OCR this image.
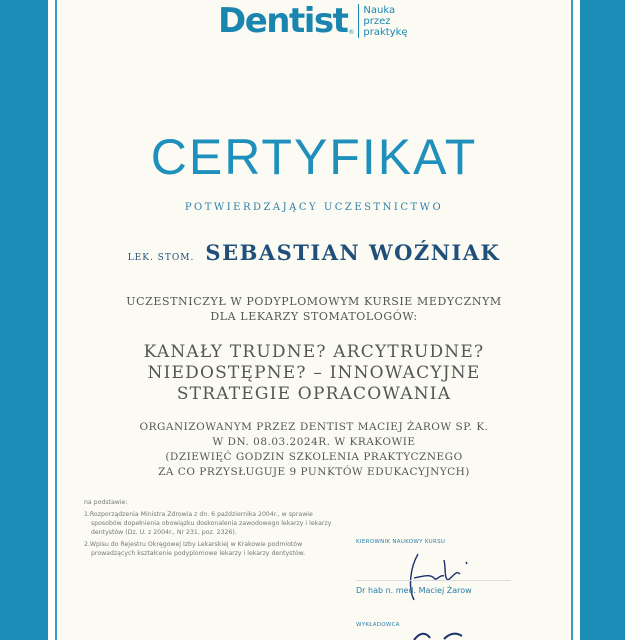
Dentist ®
Nauka
przez
praktykę
CERTYFIKAT
POTWIERDZAJĄCY UCZESTNICTWO
LEK. STOM. SEBASTIAN WOŹNIAK
UCZESTNICZYŁ W PODYPLOMOWYM KURSIE MEDYCZNYM
DLA LEKARZY STOMATOLOGÓW:
KANAŁY TRUDNE? ARCYTRUDNE?
NIEDOSTĘPNE? – INNOWACYJNE
STRATEGIE OPRACOWANIA
ORGANIZOWANYM PRZEZ DENTIST MACIEJ ŻAROW SP. K.
W DN. 08.03.2024R. W KRAKOWIE
(DZIEWIĘĆ GODZIN SZKOLENIA PRAKTYCZNEGO
ZA CO PRZYSŁUGUJE 9 PUNKTÓW EDUKACYJNYCH)

na podstawie:

1.Rozporządzenia Ministra Zdrowia z dn. 6 października 2004r., w sprawie sposobów dopełnienia obowiązku doskonalenia zawodowego lekarzy i lekarzy dentystów (Dz. U. z 2004r., Nr 231, poz. 2326).

2.Wpisu do Rejestru Okręgowej Izby Lekarskiej w Krakowie podmiotów prowadzących kształcenie podyplomowe lekarzy i lekarzy dentystów.

KIEROWNIK NAUKOWY KURSU
Dr hab n. med. Maciej Żarow
WYKŁADOWCA
